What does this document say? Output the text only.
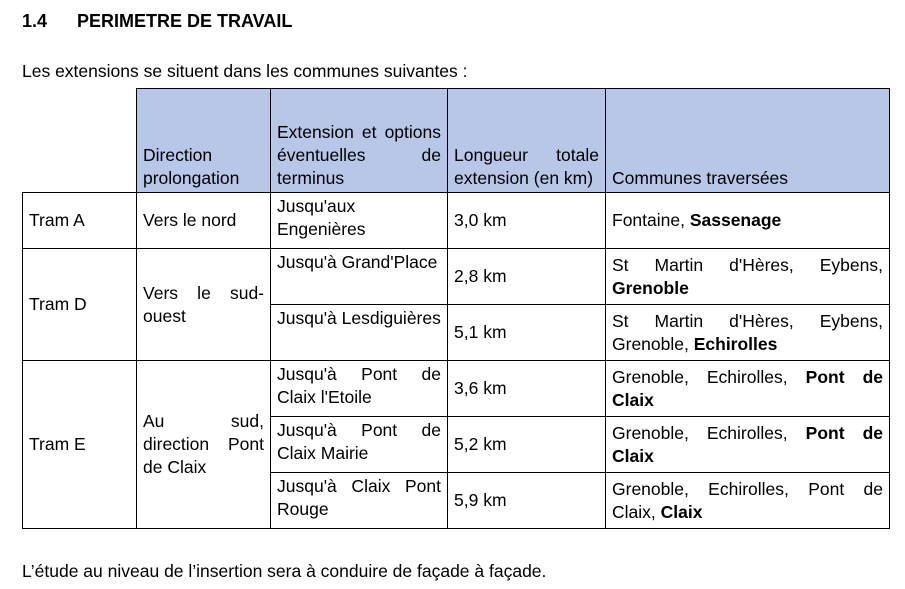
1.4 PERIMETRE DE TRAVAIL
Les extensions se situent dans les communes suivantes :
	Direction prolongation	Extension et options éventuelles de terminus	Longueur totale extension (en km)	Communes traversées
Tram A	Vers le nord	Jusqu'aux Engenières	3,0 km	Fontaine, Sassenage
Tram D	Vers le sud-ouest	Jusqu'à Grand'Place	2,8 km	St Martin d'Hères, Eybens, Grenoble
		Jusqu'à Lesdiguières	5,1 km	St Martin d'Hères, Eybens, Grenoble, Echirolles
Tram E	Au sud, direction Pont de Claix	Jusqu'à Pont de Claix l'Etoile	3,6 km	Grenoble, Echirolles, Pont de Claix
		Jusqu'à Pont de Claix Mairie	5,2 km	Grenoble, Echirolles, Pont de Claix
		Jusqu'à Claix Pont Rouge	5,9 km	Grenoble, Echirolles, Pont de Claix, Claix
L’étude au niveau de l’insertion sera à conduire de façade à façade.
